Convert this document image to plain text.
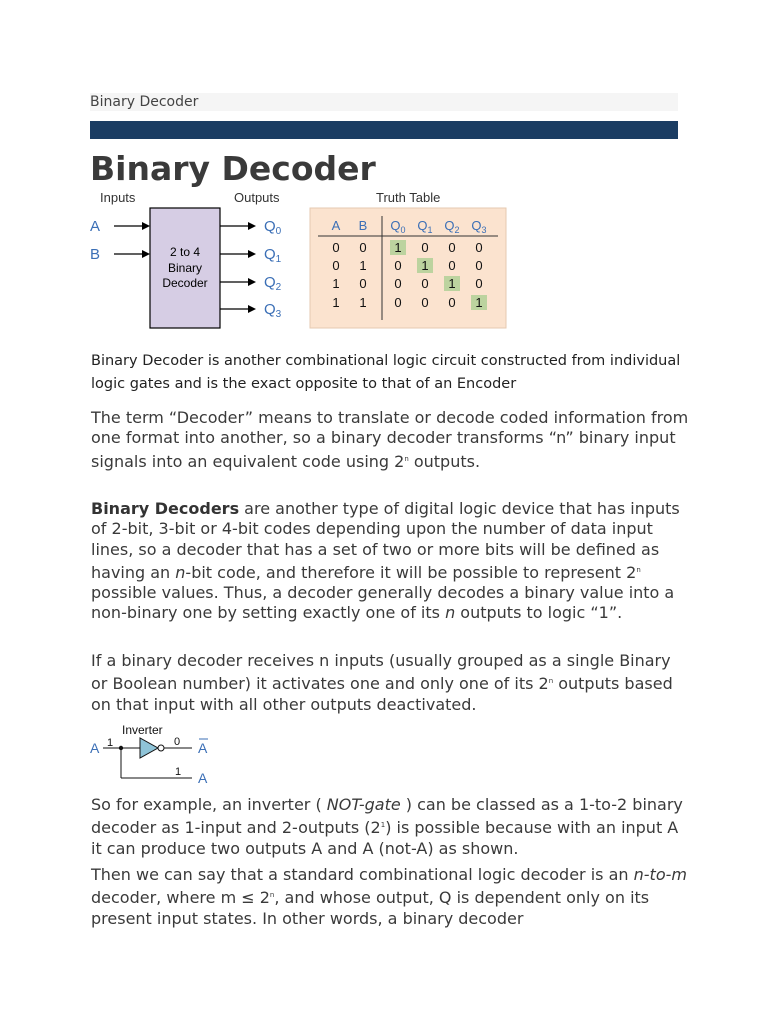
Binary Decoder
Binary Decoder
Inputs	Outputs	Truth Table
A
B	2 to 4
Binary
Decoder
$Q_0$
$Q_1$
$Q_2$
$Q_3$
A B $Q_0$ $Q_1$ $Q_2$ $Q_3$
0 0 1 0 0 0
0 1 0 1 0 0
1 0 0 0 1 0
1 1 0 0 0 1
Binary Decoder is another combinational logic circuit constructed from individual logic gates and is the exact opposite to that of an Encoder

The term “Decoder” means to translate or decode coded information from one format into another, so a binary decoder transforms “n” binary input signals into an equivalent code using 2$^n$ outputs.

Binary Decoders are another type of digital logic device that has inputs of 2-bit, 3-bit or 4-bit codes depending upon the number of data input lines, so a decoder that has a set of two or more bits will be defined as having an n-bit code, and therefore it will be possible to represent 2$^n$ possible values. Thus, a decoder generally decodes a binary value into a non-binary one by setting exactly one of its n outputs to logic “1”.

If a binary decoder receives n inputs (usually grouped as a single Binary or Boolean number) it activates one and only one of its 2$^n$ outputs based on that input with all other outputs deactivated.

Inverter
A 1	0 A
1 A

So for example, an inverter ( NOT-gate ) can be classed as a 1-to-2 binary decoder as 1-input and 2-outputs $(2^1)$ is possible because with an input A it can produce two outputs A and A (not-A) as shown.

Then we can say that a standard combinational logic decoder is an n-to-m decoder, where $m \le 2^n$, and whose output, Q is dependent only on its present input states. In other words, a binary decoder
